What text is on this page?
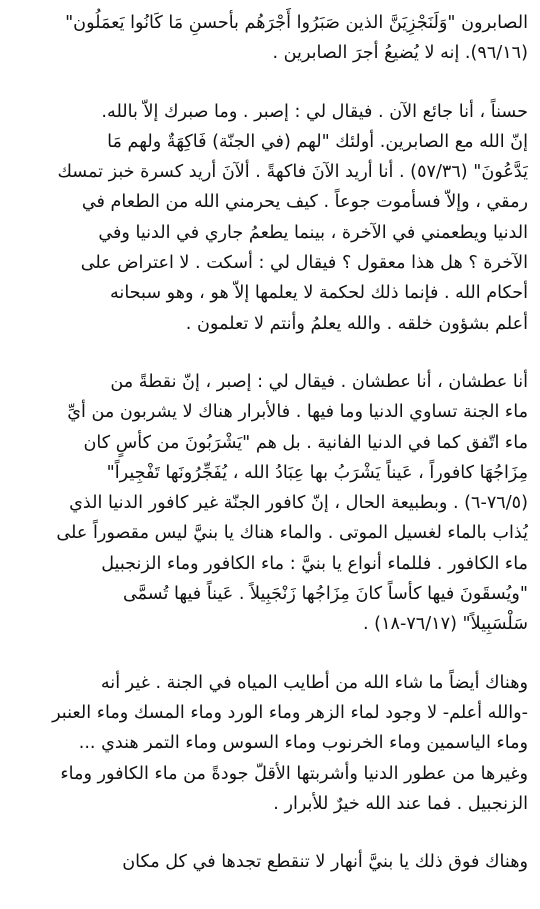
الصابرون "وَلَنَجْزِيَنَّ الذين صَبَرُوا أَجْرَهُم بأحسنِ مَا كَانُوا يَعمَلُون"
(٩٦/١٦). إنه لا يُضيعُ أجرَ الصابرين .
حسناً ، أنا جائع الآن . فيقال لي : إصبر . وما صبرك إلاّ بالله.
إنّ الله مع الصابرين. أولئك "لهم (في الجنّة) فَاكِهَةٌ ولهم مَا
يَدَّعُونَ" (٥٧/٣٦) . أنا أريد الآنَ فاكهةً . ألآنَ أريد كسرة خبز تمسك
رمقي ، وإلاّ فسأموت جوعاً . كيف يحرمني الله من الطعام في
الدنيا ويطعمني في الآخرة ، بينما يطعمُ جاري في الدنيا وفي
الآخرة ؟ هل هذا معقول ؟ فيقال لي : أسكت . لا اعتراض على
أحكام الله . فإنما ذلك لحكمة لا يعلمها إلاّ هو ، وهو سبحانه
أعلم بشؤون خلقه . والله يعلمُ وأنتم لا تعلمون .
أنا عطشان ، أنا عطشان . فيقال لي : إصبر ، إنّ نقطةً من
ماء الجنة تساوي الدنيا وما فيها . فالأبرار هناك لا يشربون من أيِّ
ماء اتّفق كما في الدنيا الفانية . بل هم "يَشْرَبُونَ من كأسٍ كان
مِزَاجُهَا كافوراً ، عَيناً يَشْرَبُ بها عِبَادُ الله ، يُفَجِّرُونَها تَفْجِيراً"
(٧٦/٥-٦) . وبطبيعة الحال ، إنّ كافور الجنّة غير كافور الدنيا الذي
يُذاب بالماء لغسيل الموتى . والماء هناك يا بنيَّ ليس مقصوراً على
ماء الكافور . فللماء أنواع يا بنيَّ : ماء الكافور وماء الزنجبيل
"ويُسقَونَ فيها كأساً كانَ مِزَاجُها زَنْجَبِيلاً . عَيناً فيها تُسمَّى
سَلْسَبِيلاً" (٧٦/١٧-١٨) .
وهناك أيضاً ما شاء الله من أطايب المياه في الجنة . غير أنه
-والله أعلم- لا وجود لماء الزهر وماء الورد وماء المسك وماء العنبر
وماء الياسمين وماء الخرنوب وماء السوس وماء التمر هندي ...
وغيرها من عطور الدنيا وأشربتها الأقلّ جودةً من ماء الكافور وماء
الزنجبيل . فما عند الله خيرٌ للأبرار .
وهناك فوق ذلك يا بنيَّ أنهار لا تنقطع تجدها في كل مكان
